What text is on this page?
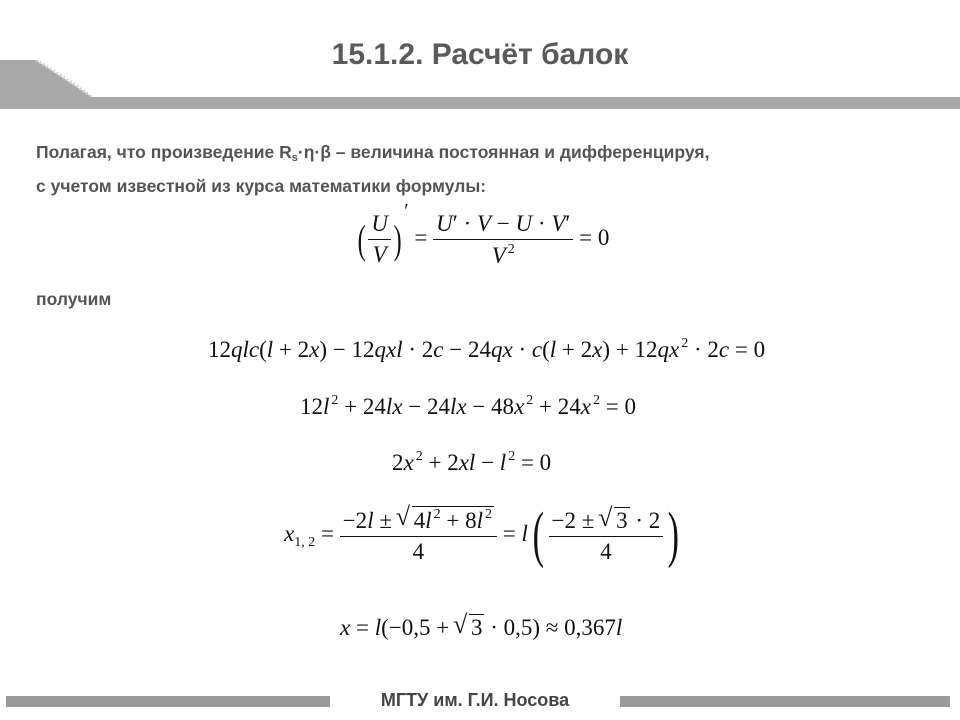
15.1.2. Расчёт балок
Полагая, что произведение $R_s\cdot\eta\cdot\beta$ – величина постоянная и дифференцируя,
с учетом известной из курса математики формулы:
( $\frac{U}{V}$ )′ = $\frac{U' \cdot V - U \cdot V'}{V ^2} = 0$
получим
12qlc(l + 2x) − 12qxl · 2c − 24qx · c(l + 2x) + 12qx $^2$ · 2c = 0
12l $^2$ + 24lx − 24lx − 48x $^2$ + 24x $^2$ = 0
2x $^2$ + 2xl − l $^2$ = 0
$x_{1, 2} = \frac{-2l \pm √ 4l ^2 + 8l ^2}{4} = l( \frac{-2 \pm √ 3 \cdot 2}{4}$ )
x = l(−0,5 + √ 3 · 0,5) ≈ 0,367l
МГТУ им. Г.И. Носова
